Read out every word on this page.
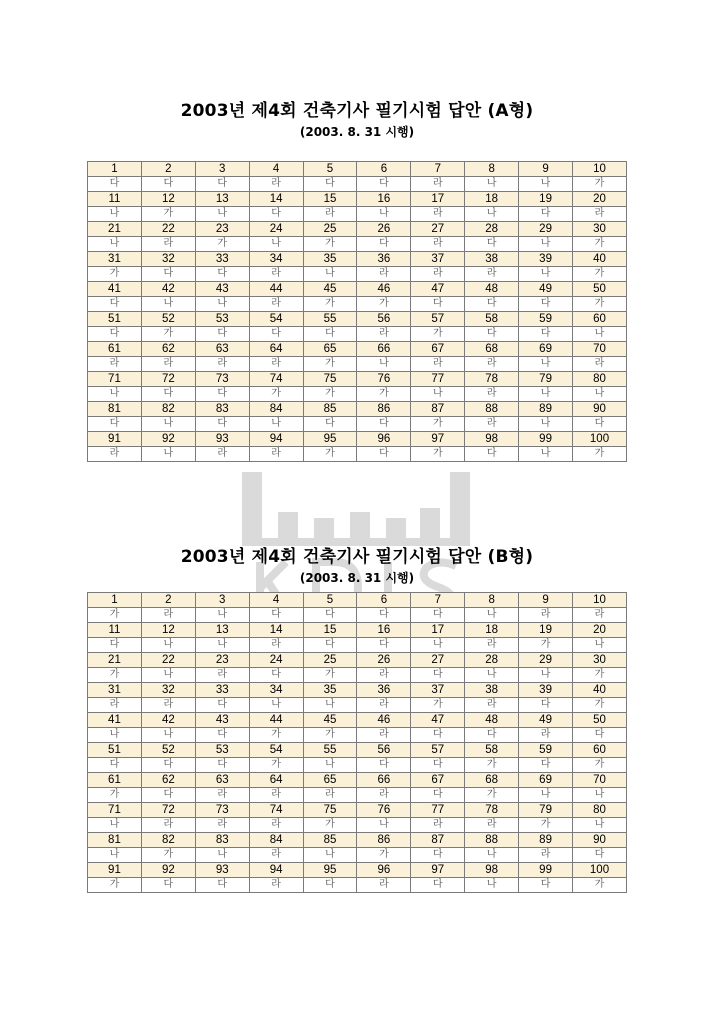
2003년 제4회 건축기사 필기시험 답안 (A형)
(2003. 8. 31 시행)
1	2	3	4	5	6	7	8	9	10
다	다	다	라	다	다	라	나	나	가
11	12	13	14	15	16	17	18	19	20
나	가	나	다	라	나	라	나	다	라
21	22	23	24	25	26	27	28	29	30
나	라	가	나	가	다	라	다	나	가
31	32	33	34	35	36	37	38	39	40
가	다	다	라	나	라	라	라	나	가
41	42	43	44	45	46	47	48	49	50
다	나	나	라	가	가	다	다	다	가
51	52	53	54	55	56	57	58	59	60
다	가	다	다	다	라	가	다	다	나
61	62	63	64	65	66	67	68	69	70
라	라	라	라	가	나	라	라	나	라
71	72	73	74	75	76	77	78	79	80
나	다	다	가	가	가	나	라	나	나
81	82	83	84	85	86	87	88	89	90
다	나	다	나	다	다	가	라	나	다
91	92	93	94	95	96	97	98	99	100
라	나	라	라	가	다	가	다	나	가
2003년 제4회 건축기사 필기시험 답안 (B형)
(2003. 8. 31 시행)
1	2	3	4	5	6	7	8	9	10
가	라	나	다	다	다	다	나	라	라
11	12	13	14	15	16	17	18	19	20
다	나	나	라	다	다	나	라	가	나
21	22	23	24	25	26	27	28	29	30
가	나	라	다	가	라	다	나	나	가
31	32	33	34	35	36	37	38	39	40
라	라	다	나	나	라	가	라	다	가
41	42	43	44	45	46	47	48	49	50
나	나	다	가	가	라	다	다	라	다
51	52	53	54	55	56	57	58	59	60
다	다	다	가	나	다	다	가	다	가
61	62	63	64	65	66	67	68	69	70
가	다	라	라	라	라	다	가	나	나
71	72	73	74	75	76	77	78	79	80
나	라	라	라	가	나	라	라	가	나
81	82	83	84	85	86	87	88	89	90
나	가	나	라	나	가	다	나	라	다
91	92	93	94	95	96	97	98	99	100
가	다	다	라	다	라	다	나	다	가
